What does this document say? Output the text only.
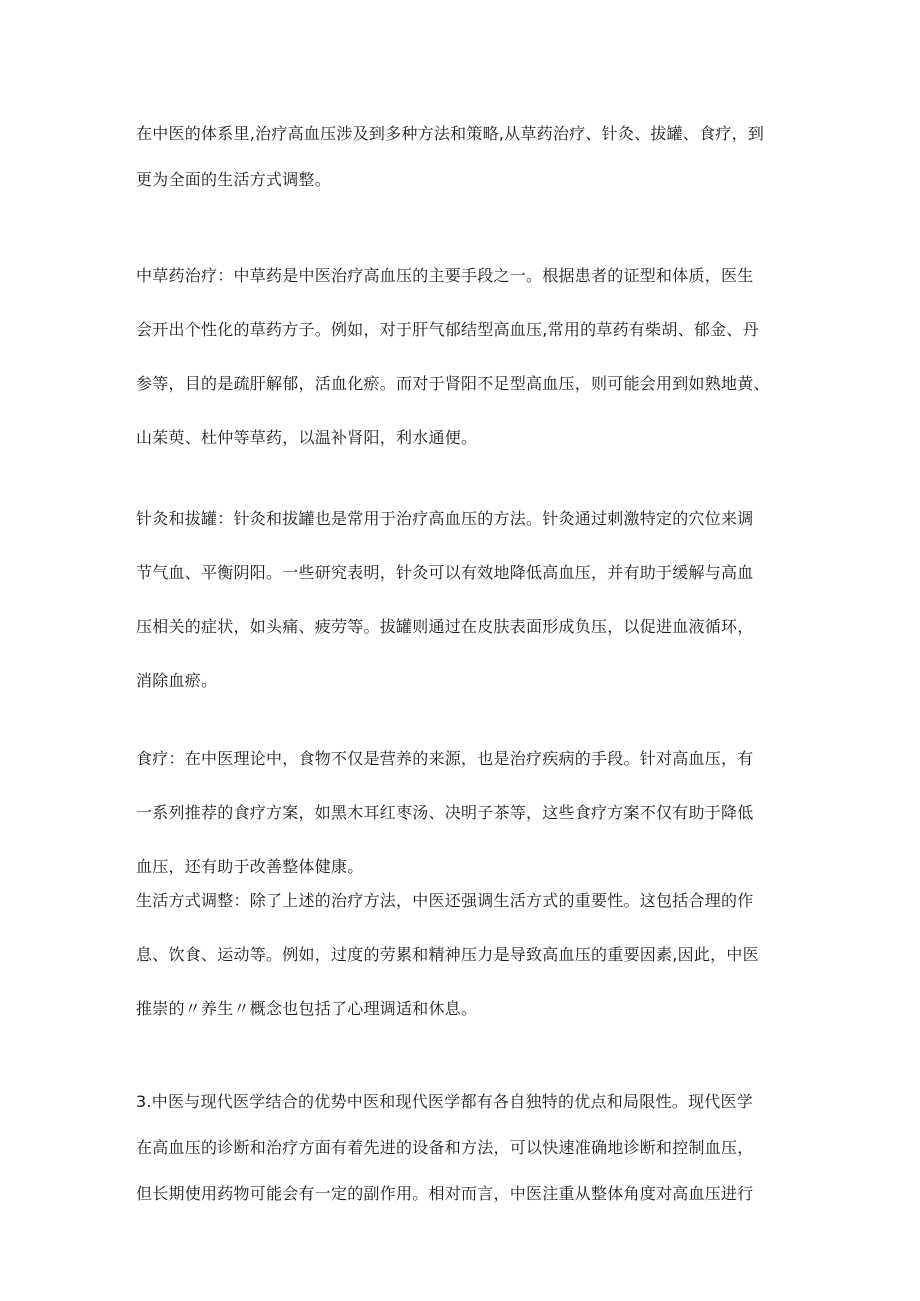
在中医的体系里,治疗高血压涉及到多种方法和策略,从草药治疗、针灸、拔罐、食疗，到
更为全面的生活方式调整。
中草药治疗：中草药是中医治疗高血压的主要手段之一。根据患者的证型和体质，医生
会开出个性化的草药方子。例如，对于肝气郁结型高血压,常用的草药有柴胡、郁金、丹
参等，目的是疏肝解郁，活血化瘀。而对于肾阳不足型高血压，则可能会用到如熟地黄、
山茱萸、杜仲等草药，以温补肾阳，利水通便。
针灸和拔罐：针灸和拔罐也是常用于治疗高血压的方法。针灸通过刺激特定的穴位来调
节气血、平衡阴阳。一些研究表明，针灸可以有效地降低高血压，并有助于缓解与高血
压相关的症状，如头痛、疲劳等。拔罐则通过在皮肤表面形成负压，以促进血液循环，
消除血瘀。
食疗：在中医理论中，食物不仅是营养的来源，也是治疗疾病的手段。针对高血压，有
一系列推荐的食疗方案，如黑木耳红枣汤、决明子茶等，这些食疗方案不仅有助于降低
血压，还有助于改善整体健康。
生活方式调整：除了上述的治疗方法，中医还强调生活方式的重要性。这包括合理的作
息、饮食、运动等。例如，过度的劳累和精神压力是导致高血压的重要因素,因此，中医
推崇的〃养生〃概念也包括了心理调适和休息。
3.中医与现代医学结合的优势中医和现代医学都有各自独特的优点和局限性。现代医学
在高血压的诊断和治疗方面有着先进的设备和方法，可以快速准确地诊断和控制血压，
但长期使用药物可能会有一定的副作用。相对而言，中医注重从整体角度对高血压进行
